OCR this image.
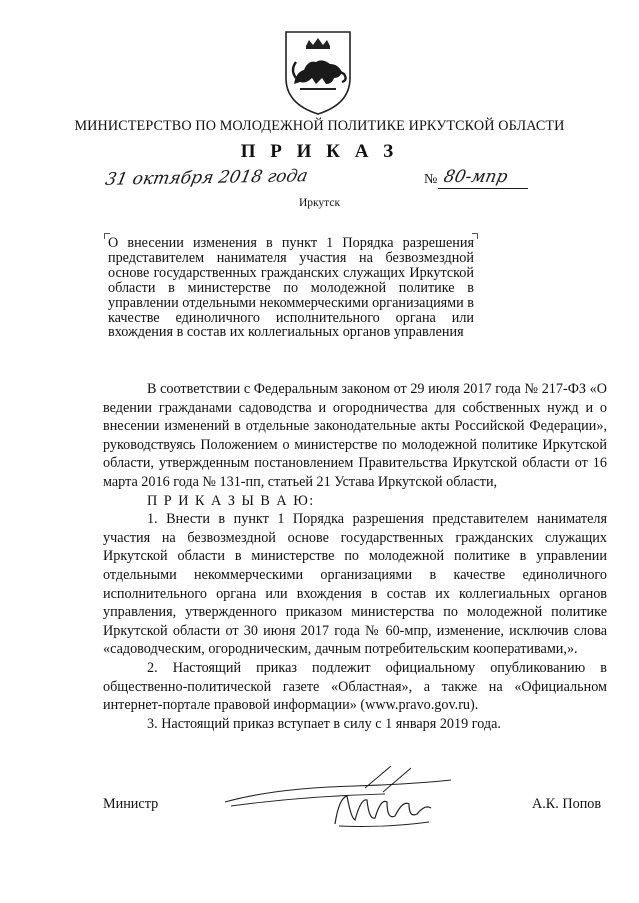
МИНИСТЕРСТВО ПО МОЛОДЕЖНОЙ ПОЛИТИКЕ ИРКУТСКОЙ ОБЛАСТИ
П Р И К А З
31 октября 2018 года	№ 80-мпр
Иркутск
О внесении изменения в пункт 1 Порядка разрешения представителем нанимателя участия на безвозмездной основе государственных гражданских служащих Иркутской области в министерстве по молодежной политике в управлении отдельными некоммерческими организациями в качестве единоличного исполнительного органа или вхождения в состав их коллегиальных органов управления

В соответствии с Федеральным законом от 29 июля 2017 года № 217-ФЗ «О ведении гражданами садоводства и огородничества для собственных нужд и о внесении изменений в отдельные законодательные акты Российской Федерации», руководствуясь Положением о министерстве по молодежной политике Иркутской области, утвержденным постановлением Правительства Иркутской области от 16 марта 2016 года № 131-пп, статьей 21 Устава Иркутской области,

П Р И К А З Ы В А Ю:

1. Внести в пункт 1 Порядка разрешения представителем нанимателя участия на безвозмездной основе государственных гражданских служащих Иркутской области в министерстве по молодежной политике в управлении отдельными некоммерческими организациями в качестве единоличного исполнительного органа или вхождения в состав их коллегиальных органов управления, утвержденного приказом министерства по молодежной политике Иркутской области от 30 июня 2017 года № 60-мпр, изменение, исключив слова «садоводческим, огородническим, дачным потребительским кооперативами,».

2. Настоящий приказ подлежит официальному опубликованию в общественно-политической газете «Областная», а также на «Официальном интернет-портале правовой информации» (www.pravo.gov.ru).

3. Настоящий приказ вступает в силу с 1 января 2019 года.

Министр	А.К. Попов
